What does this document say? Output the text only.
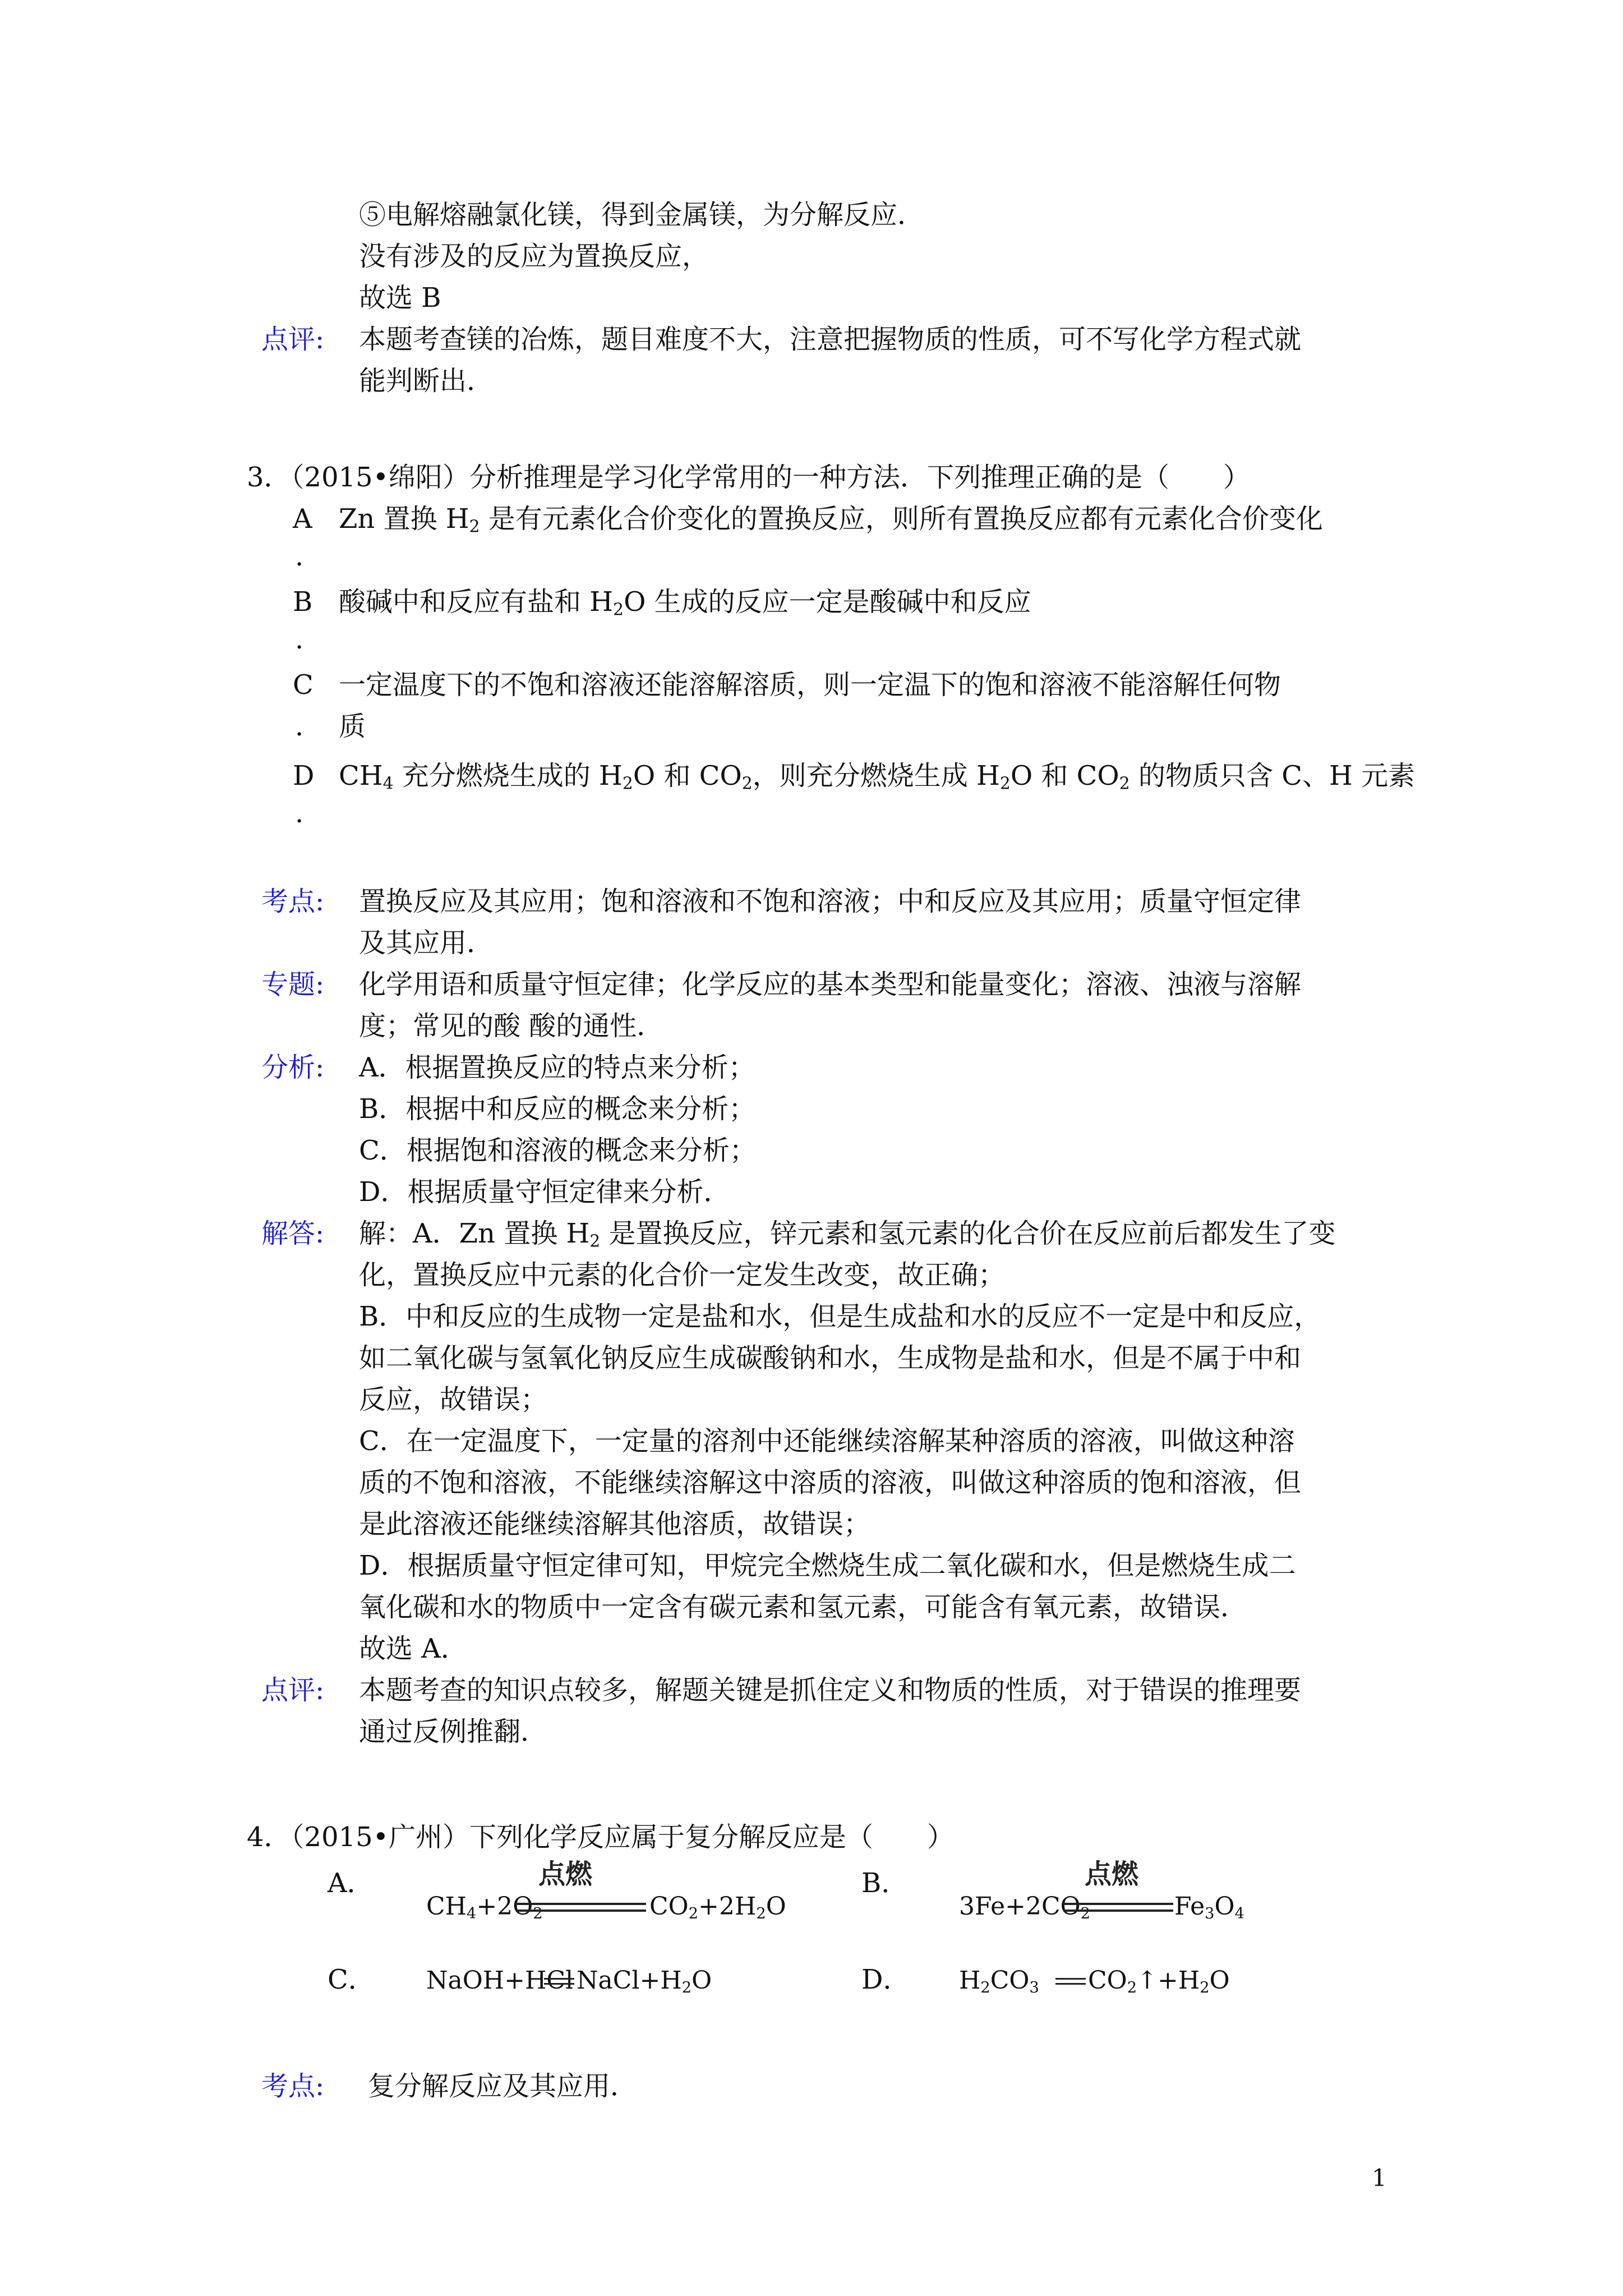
⑤电解熔融氯化镁，得到金属镁，为分解反应．
没有涉及的反应为置换反应，
故选 B
点评: 本题考查镁的冶炼，题目难度不大，注意把握物质的性质，可不写化学方程式就
能判断出．
3．（2015•绵阳）分析推理是学习化学常用的一种方法．下列推理正确的是（　　）
A
.
Zn 置换 $H_2$ 是有元素化合价变化的置换反应，则所有置换反应都有元素化合价变化
B
.
酸碱中和反应有盐和 $H_2O$ 生成的反应一定是酸碱中和反应
C
.
一定温度下的不饱和溶液还能溶解溶质，则一定温下的饱和溶液不能溶解任何物
质
D
.
$CH_4$ 充分燃烧生成的 $H_2O$ 和 $CO_2$，则充分燃烧生成 $H_2O$ 和 $CO_2$ 的物质只含 C、H 元素
考点: 置换反应及其应用；饱和溶液和不饱和溶液；中和反应及其应用；质量守恒定律
及其应用．
专题: 化学用语和质量守恒定律；化学反应的基本类型和能量变化；溶液、浊液与溶解
度；常见的酸 酸的通性．
分析: A．根据置换反应的特点来分析；
B．根据中和反应的概念来分析；
C．根据饱和溶液的概念来分析；
D．根据质量守恒定律来分析．
解答: 解：A．Zn 置换 $H_2$ 是置换反应，锌元素和氢元素的化合价在反应前后都发生了变
化，置换反应中元素的化合价一定发生改变，故正确；
B．中和反应的生成物一定是盐和水，但是生成盐和水的反应不一定是中和反应，
如二氧化碳与氢氧化钠反应生成碳酸钠和水，生成物是盐和水，但是不属于中和
反应，故错误；
C．在一定温度下，一定量的溶剂中还能继续溶解某种溶质的溶液，叫做这种溶
质的不饱和溶液，不能继续溶解这中溶质的溶液，叫做这种溶质的饱和溶液，但
是此溶液还能继续溶解其他溶质，故错误；
D．根据质量守恒定律可知，甲烷完全燃烧生成二氧化碳和水，但是燃烧生成二
氧化碳和水的物质中一定含有碳元素和氢元素，可能含有氧元素，故错误．
故选 A．
点评: 本题考查的知识点较多，解题关键是抓住定义和物质的性质，对于错误的推理要
通过反例推翻．
4．（2015•广州）下列化学反应属于复分解反应是（　　）
A．
$CH_4+2O_2$
点燃
$CO_2+2H_2O$
B．
$3Fe+2CO_2$
点燃
$Fe_3O_4$
C． NaOH+HCl $NaCl+H_2O$	D． $H_2CO_3$ $CO_2↑+H_2O$
考点: 复分解反应及其应用．
1
